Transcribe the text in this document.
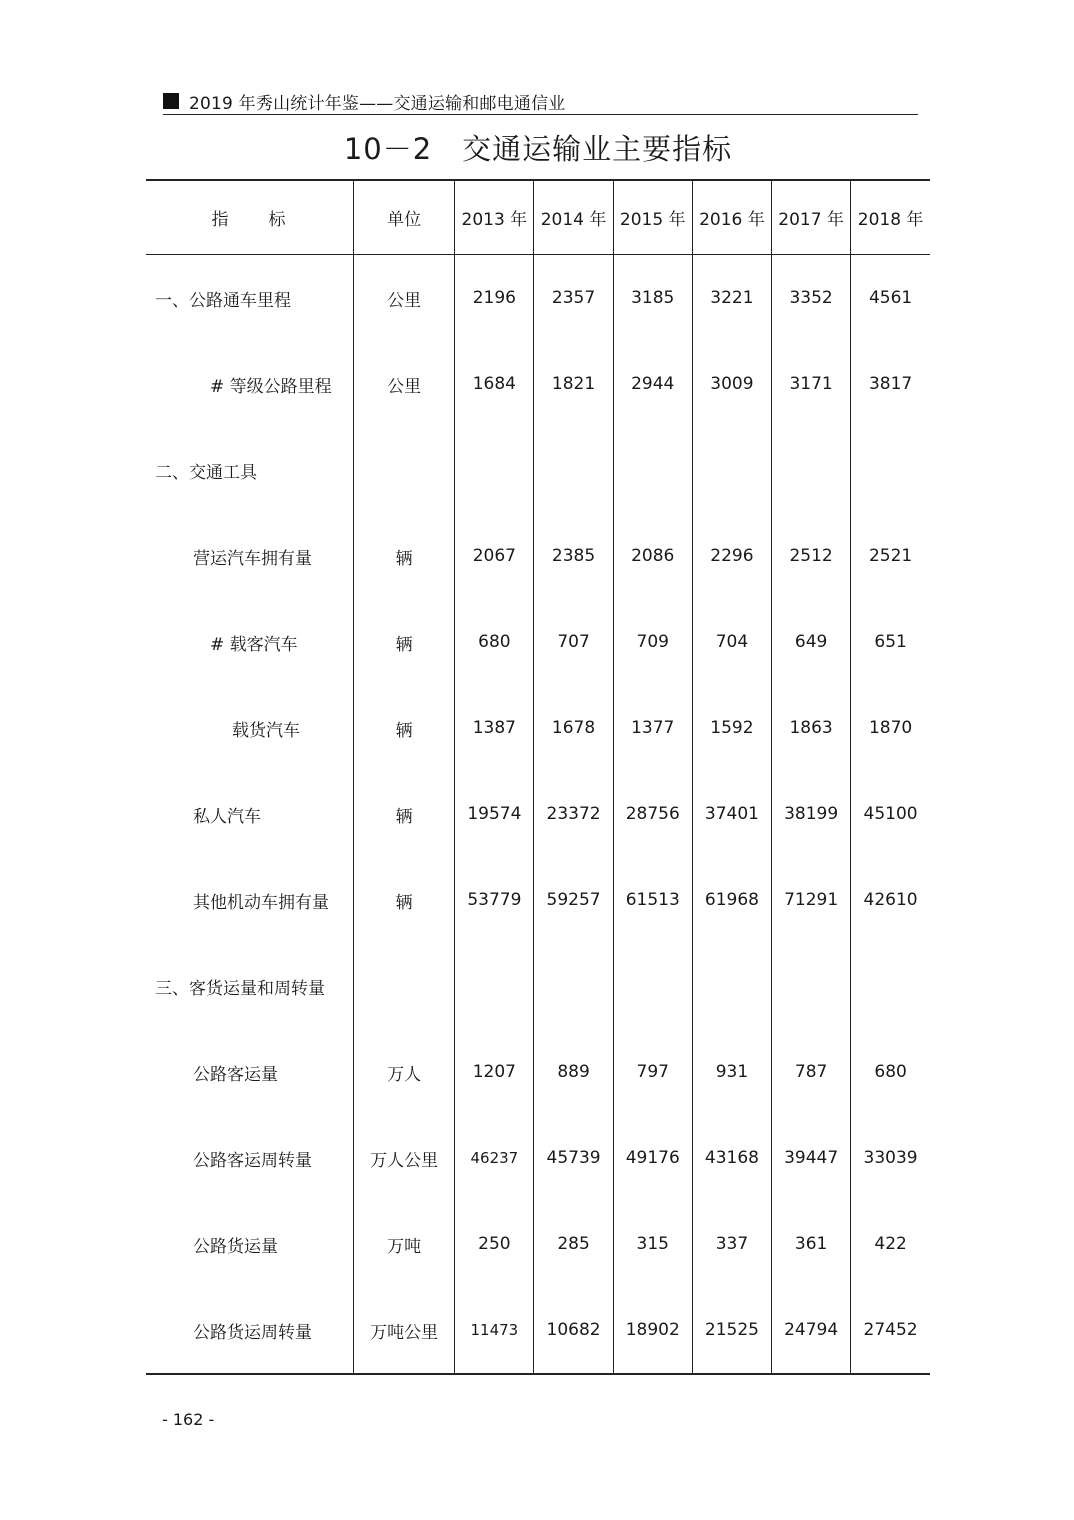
2019 年秀山统计年鉴——交通运输和邮电通信业
10－2 交通运输业主要指标
指　　标	单位	2013 年	2014 年	2015 年	2016 年	2017 年	2018 年
一、公路通车里程	公里	2196	2357	3185	3221	3352	4561
# 等级公路里程	公里	1684	1821	2944	3009	3171	3817
二、交通工具							
营运汽车拥有量	辆	2067	2385	2086	2296	2512	2521
# 载客汽车	辆	680	707	709	704	649	651
载货汽车	辆	1387	1678	1377	1592	1863	1870
私人汽车	辆	19574	23372	28756	37401	38199	45100
其他机动车拥有量	辆	53779	59257	61513	61968	71291	42610
三、客货运量和周转量							
公路客运量	万人	1207	889	797	931	787	680
公路客运周转量	万人公里	46237	45739	49176	43168	39447	33039
公路货运量	万吨	250	285	315	337	361	422
公路货运周转量	万吨公里	11473	10682	18902	21525	24794	27452
- 162 -
